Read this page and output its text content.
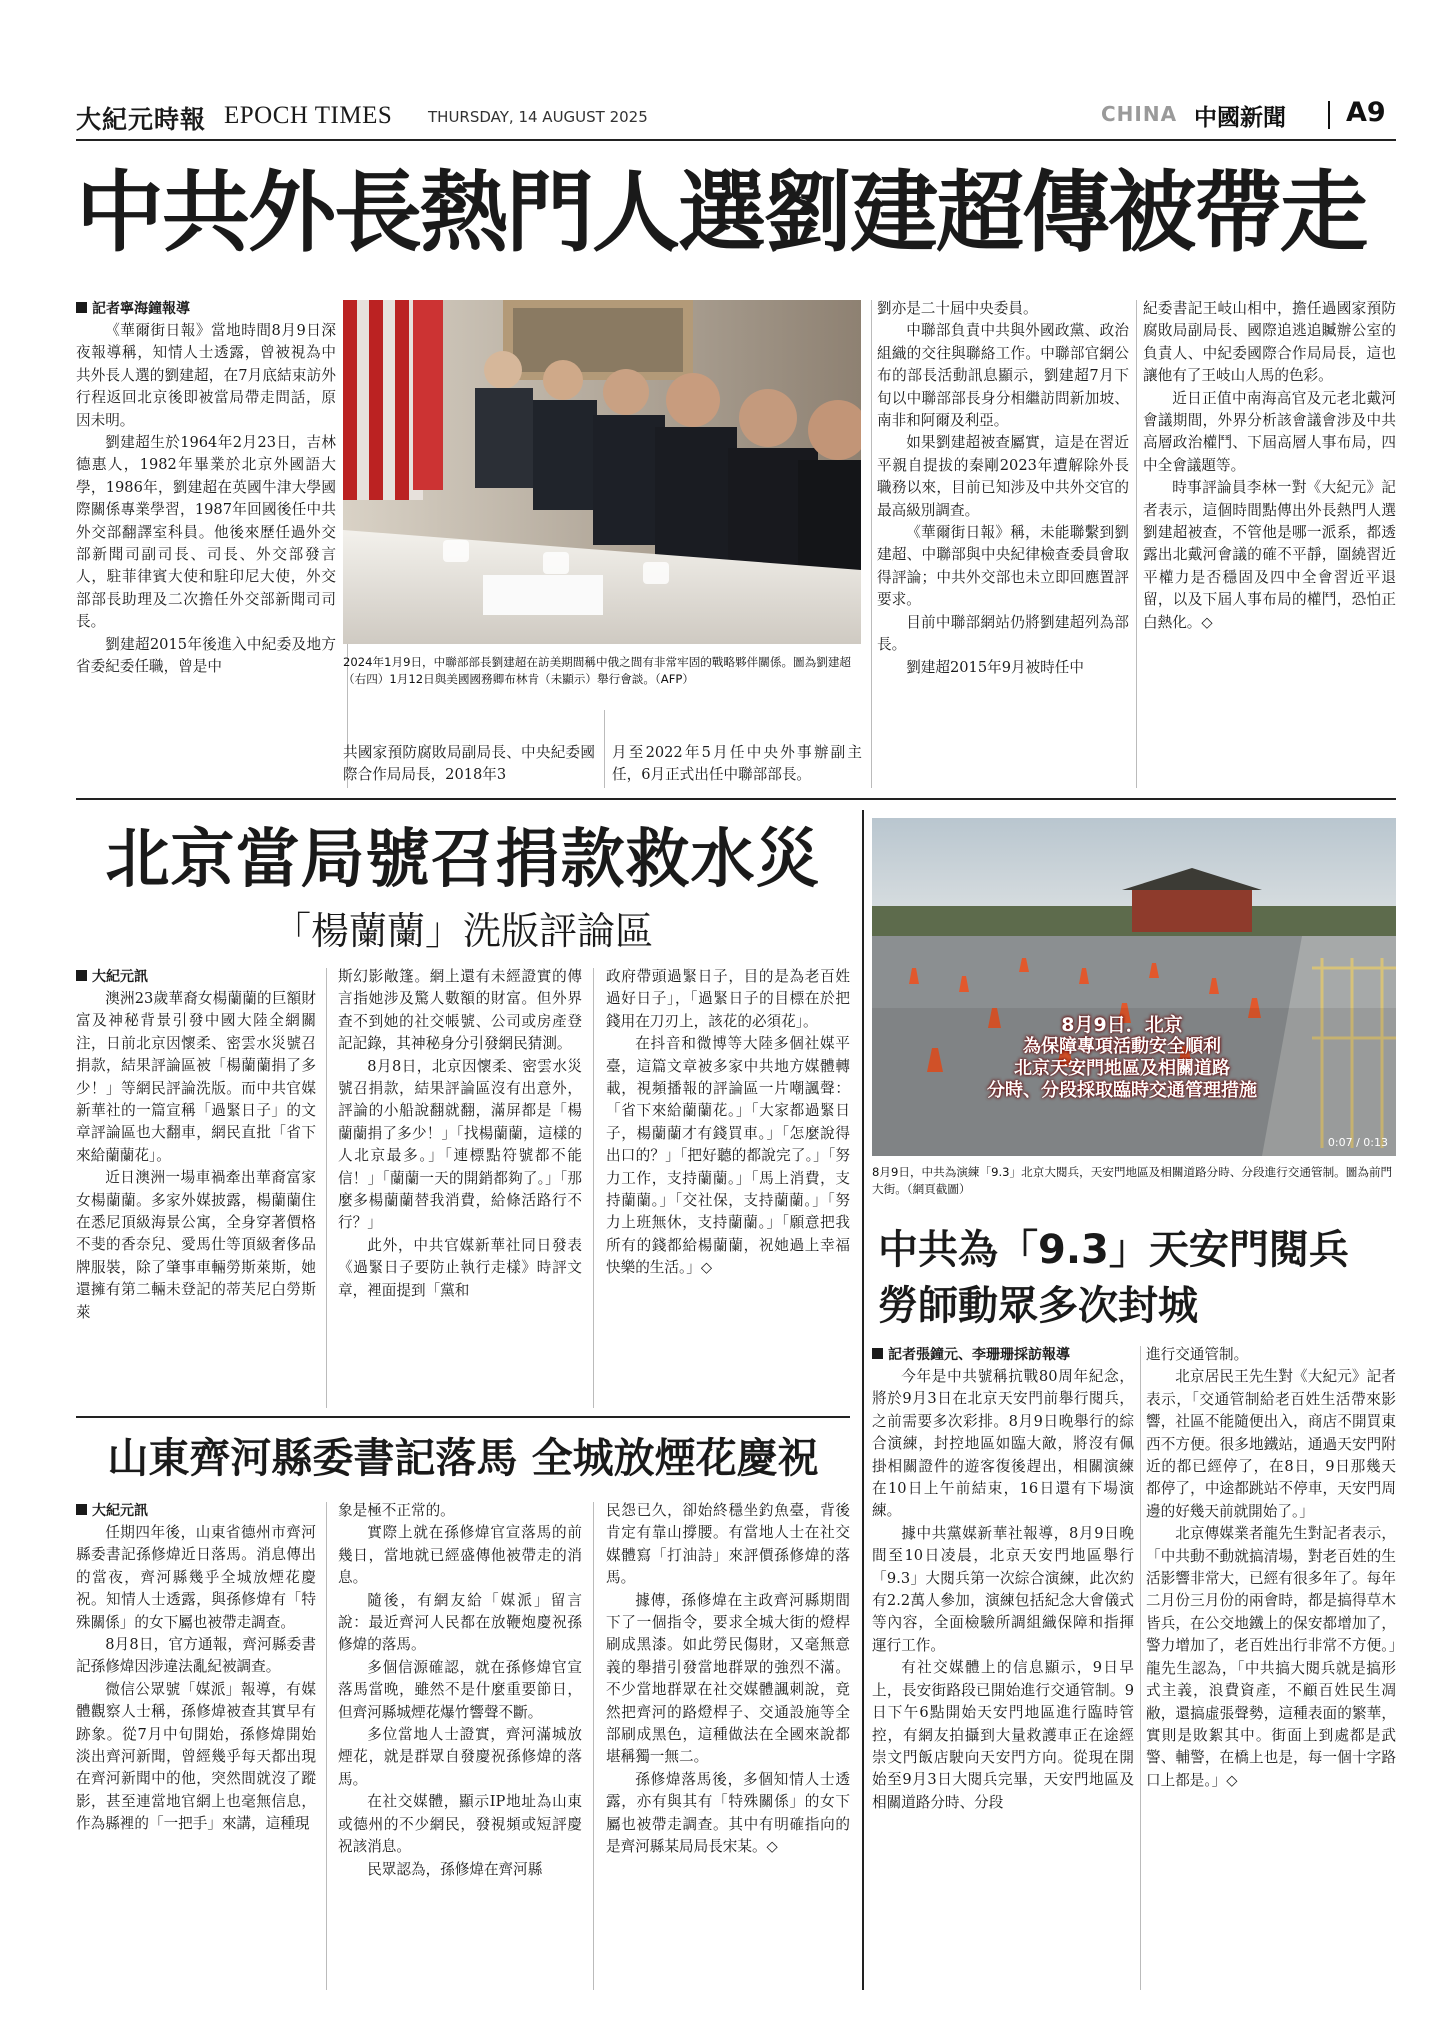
大紀元時報 EPOCH TIMES THURSDAY, 14 AUGUST 2025	CHINA 中國新聞 A9
中共外長熱門人選劉建超傳被帶走
記者寧海鐘報導

《華爾街日報》當地時間8月9日深夜報導稱，知情人士透露，曾被視為中共外長人選的劉建超，在7月底結束訪外行程返回北京後即被當局帶走問話，原因未明。

劉建超生於1964年2月23日，吉林德惠人，1982年畢業於北京外國語大學，1986年，劉建超在英國牛津大學國際關係專業學習，1987年回國後任中共外交部翻譯室科員。他後來歷任過外交部新聞司副司長、司長、外交部發言人，駐菲律賓大使和駐印尼大使，外交部部長助理及二次擔任外交部新聞司司長。

劉建超2015年後進入中紀委及地方省委紀委任職，曾是中	2024年1月9日，中聯部部長劉建超在訪美期間稱中俄之間有非常牢固的戰略夥伴關係。圖為劉建超（右四）1月12日與美國國務卿布林肯（未顯示）舉行會談。（AFP）

共國家預防腐敗局副局長、中央紀委國際合作局局長，2018年3

月至2022年5月任中央外事辦副主任，6月正式出任中聯部部長。

劉亦是二十屆中央委員。

中聯部負責中共與外國政黨、政治組織的交往與聯絡工作。中聯部官網公布的部長活動訊息顯示，劉建超7月下旬以中聯部部長身分相繼訪問新加坡、南非和阿爾及利亞。

如果劉建超被查屬實，這是在習近平親自提拔的秦剛2023年遭解除外長職務以來，目前已知涉及中共外交官的最高級別調查。

《華爾街日報》稱，未能聯繫到劉建超、中聯部與中央紀律檢查委員會取得評論；中共外交部也未立即回應置評要求。

目前中聯部網站仍將劉建超列為部長。

劉建超2015年9月被時任中

紀委書記王岐山相中，擔任過國家預防腐敗局副局長、國際追逃追贓辦公室的負責人、中紀委國際合作局局長，這也讓他有了王岐山人馬的色彩。

近日正值中南海高官及元老北戴河會議期間，外界分析該會議會涉及中共高層政治權鬥、下屆高層人事布局，四中全會議題等。

時事評論員李林一對《大紀元》記者表示，這個時間點傳出外長熱門人選劉建超被查，不管他是哪一派系，都透露出北戴河會議的確不平靜，圍繞習近平權力是否穩固及四中全會習近平退留，以及下屆人事布局的權鬥，恐怕正白熱化。◇

北京當局號召捐款救水災
「楊蘭蘭」洗版評論區
大紀元訊

澳洲23歲華裔女楊蘭蘭的巨額財富及神秘背景引發中國大陸全網關注，日前北京因懷柔、密雲水災號召捐款，結果評論區被「楊蘭蘭捐了多少！」等網民評論洗版。而中共官媒新華社的一篇宣稱「過緊日子」的文章評論區也大翻車，網民直批「省下來給蘭蘭花」。

近日澳洲一場車禍牽出華裔富家女楊蘭蘭。多家外媒披露，楊蘭蘭住在悉尼頂級海景公寓，全身穿著價格不斐的香奈兒、愛馬仕等頂級奢侈品牌服裝，除了肇事車輛勞斯萊斯，她還擁有第二輛未登記的蒂芙尼白勞斯萊

斯幻影敞篷。網上還有未經證實的傳言指她涉及驚人數額的財富。但外界查不到她的社交帳號、公司或房產登記記錄，其神秘身分引發網民猜測。

8月8日，北京因懷柔、密雲水災號召捐款，結果評論區沒有出意外，評論的小船說翻就翻，滿屏都是「楊蘭蘭捐了多少！」「找楊蘭蘭，這樣的人北京最多。」「連標點符號都不能信！」「蘭蘭一天的開銷都夠了。」「那麼多楊蘭蘭替我消費，給條活路行不行？」

此外，中共官媒新華社同日發表《過緊日子要防止執行走樣》時評文章，裡面提到「黨和

政府帶頭過緊日子，目的是為老百姓過好日子」，「過緊日子的目標在於把錢用在刀刃上，該花的必須花」。

在抖音和微博等大陸多個社媒平臺，這篇文章被多家中共地方媒體轉載，視頻播報的評論區一片嘲諷聲：「省下來給蘭蘭花。」「大家都過緊日子，楊蘭蘭才有錢買車。」「怎麼說得出口的？」「把好聽的都說完了。」「努力工作，支持蘭蘭。」「馬上消費，支持蘭蘭。」「交社保，支持蘭蘭。」「努力上班無休，支持蘭蘭。」「願意把我所有的錢都給楊蘭蘭，祝她過上幸福快樂的生活。」◇

8月9日．北京
為保障專項活動安全順利
北京天安門地區及相關道路
分時、分段採取臨時交通管理措施
0:07 / 0:13
8月9日，中共為演練「9.3」北京大閱兵，天安門地區及相關道路分時、分段進行交通管制。圖為前門大街。（網頁截圖）
中共為「9.3」天安門閱兵
勞師動眾多次封城
記者張鐘元、李珊珊採訪報導

今年是中共號稱抗戰80周年紀念，將於9月3日在北京天安門前舉行閱兵，之前需要多次彩排。8月9日晚舉行的綜合演練，封控地區如臨大敵，將沒有佩掛相關證件的遊客復後趕出，相關演練在10日上午前結束，16日還有下場演練。

據中共黨媒新華社報導，8月9日晚間至10日凌晨，北京天安門地區舉行「9.3」大閱兵第一次綜合演練，此次約有2.2萬人參加，演練包括紀念大會儀式等內容，全面檢驗所調組織保障和指揮運行工作。

有社交媒體上的信息顯示，9日早上，長安街路段已開始進行交通管制。9日下午6點開始天安門地區進行臨時管控，有網友拍攝到大量救護車正在途經崇文門飯店駛向天安門方向。從現在開始至9月3日大閱兵完畢，天安門地區及相關道路分時、分段

進行交通管制。

北京居民王先生對《大紀元》記者表示，「交通管制給老百姓生活帶來影響，社區不能隨便出入，商店不開買東西不方便。很多地鐵站，通過天安門附近的都已經停了，在8日，9日那幾天都停了，中途都跳站不停車，天安門周邊的好幾天前就開始了。」

北京傳媒業者龍先生對記者表示，「中共動不動就搞清場，對老百姓的生活影響非常大，已經有很多年了。每年二月份三月份的兩會時，都是搞得草木皆兵，在公交地鐵上的保安都增加了，警力增加了，老百姓出行非常不方便。」龍先生認為，「中共搞大閱兵就是搞形式主義，浪費資產，不顧百姓民生凋敝，還搞虛張聲勢，這種表面的繁華，實則是敗絮其中。街面上到處都是武警、輔警，在橋上也是，每一個十字路口上都是。」◇

山東齊河縣委書記落馬 全城放煙花慶祝
大紀元訊

任期四年後，山東省德州市齊河縣委書記孫修煒近日落馬。消息傳出的當夜，齊河縣幾乎全城放煙花慶祝。知情人士透露，與孫修煒有「特殊關係」的女下屬也被帶走調查。

8月8日，官方通報，齊河縣委書記孫修煒因涉違法亂紀被調查。

微信公眾號「媒派」報導，有媒體觀察人士稱，孫修煒被查其實早有跡象。從7月中旬開始，孫修煒開始淡出齊河新聞，曾經幾乎每天都出現在齊河新聞中的他，突然間就沒了蹤影，甚至連當地官網上也毫無信息，作為縣裡的「一把手」來講，這種現

象是極不正常的。

實際上就在孫修煒官宣落馬的前幾日，當地就已經盛傳他被帶走的消息。

隨後，有網友給「媒派」留言說：最近齊河人民都在放鞭炮慶祝孫修煒的落馬。

多個信源確認，就在孫修煒官宣落馬當晚，雖然不是什麼重要節日，但齊河縣城煙花爆竹響聲不斷。

多位當地人士證實，齊河滿城放煙花，就是群眾自發慶祝孫修煒的落馬。

在社交媒體，顯示IP地址為山東或德州的不少網民，發視頻或短評慶祝該消息。

民眾認為，孫修煒在齊河縣

民怨已久，卻始終穩坐釣魚臺，背後肯定有靠山撐腰。有當地人士在社交媒體寫「打油詩」來評價孫修煒的落馬。

據傳，孫修煒在主政齊河縣期間下了一個指令，要求全城大街的燈桿刷成黑漆。如此勞民傷財，又毫無意義的舉措引發當地群眾的強烈不滿。不少當地群眾在社交媒體諷刺說，竟然把齊河的路燈桿子、交通設施等全部刷成黑色，這種做法在全國來說都堪稱獨一無二。

孫修煒落馬後，多個知情人士透露，亦有與其有「特殊關係」的女下屬也被帶走調查。其中有明確指向的是齊河縣某局局長宋某。◇
